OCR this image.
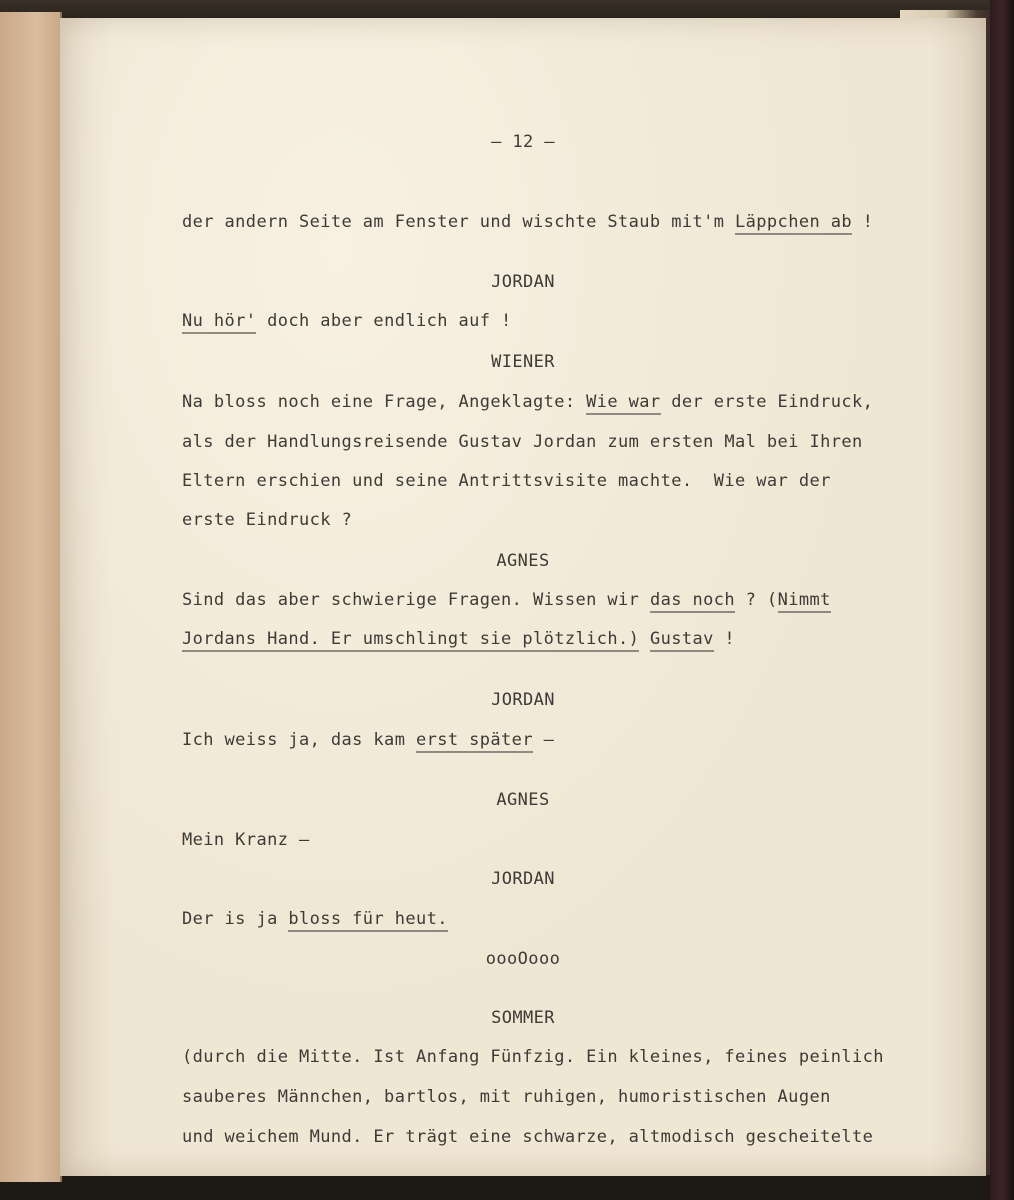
– 12 –
der andern Seite am Fenster und wischte Staub mit'm Läppchen ab !
JORDAN
Nu hör' doch aber endlich auf !
WIENER
Na bloss noch eine Frage, Angeklagte: Wie war der erste Eindruck,
als der Handlungsreisende Gustav Jordan zum ersten Mal bei Ihren
Eltern erschien und seine Antrittsvisite machte.  Wie war der
erste Eindruck ?
AGNES
Sind das aber schwierige Fragen. Wissen wir das noch ? (Nimmt
Jordans Hand. Er umschlingt sie plötzlich.) Gustav !
JORDAN
Ich weiss ja, das kam erst später –
AGNES
Mein Kranz –
JORDAN
Der is ja bloss für heut.
oooOooo
SOMMER
(durch die Mitte. Ist Anfang Fünfzig. Ein kleines, feines peinlich
sauberes Männchen, bartlos, mit ruhigen, humoristischen Augen
und weichem Mund. Er trägt eine schwarze, altmodisch gescheitelte
